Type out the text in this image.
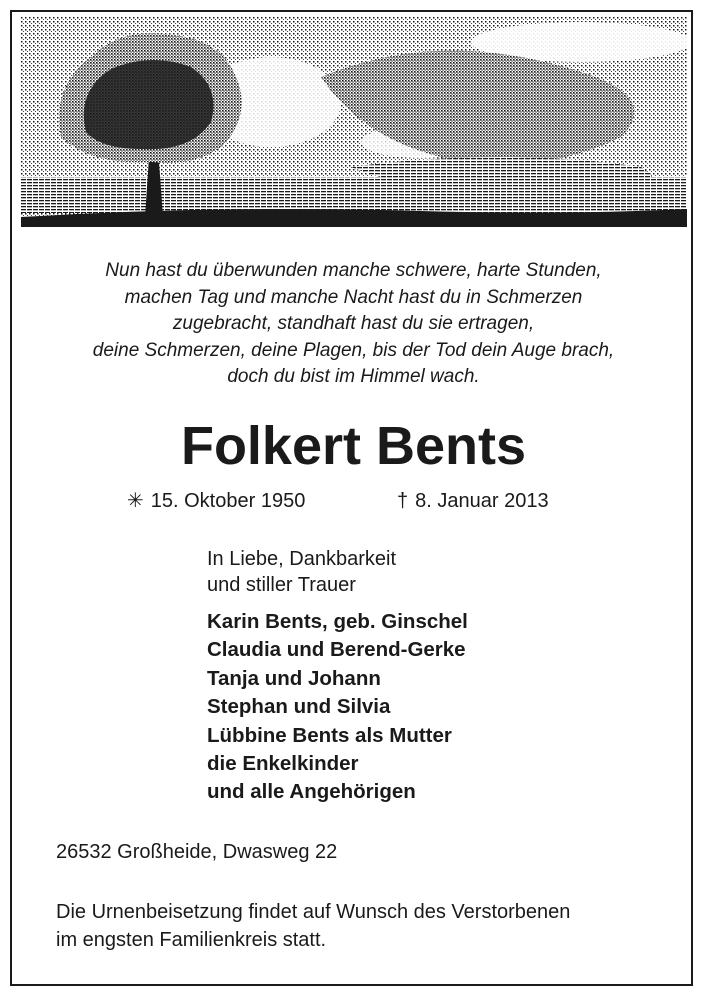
Nun hast du überwunden manche schwere, harte Stunden,
machen Tag und manche Nacht hast du in Schmerzen
zugebracht, standhaft hast du sie ertragen,
deine Schmerzen, deine Plagen, bis der Tod dein Auge brach,
doch du bist im Himmel wach.
Folkert Bents
✳ 15. Oktober 1950	† 8. Januar 2013
In Liebe, Dankbarkeit
und stiller Trauer
Karin Bents, geb. Ginschel
Claudia und Berend-Gerke
Tanja und Johann
Stephan und Silvia
Lübbine Bents als Mutter
die Enkelkinder
und alle Angehörigen
26532 Großheide, Dwasweg 22
Die Urnenbeisetzung findet auf Wunsch des Verstorbenen
im engsten Familienkreis statt.
